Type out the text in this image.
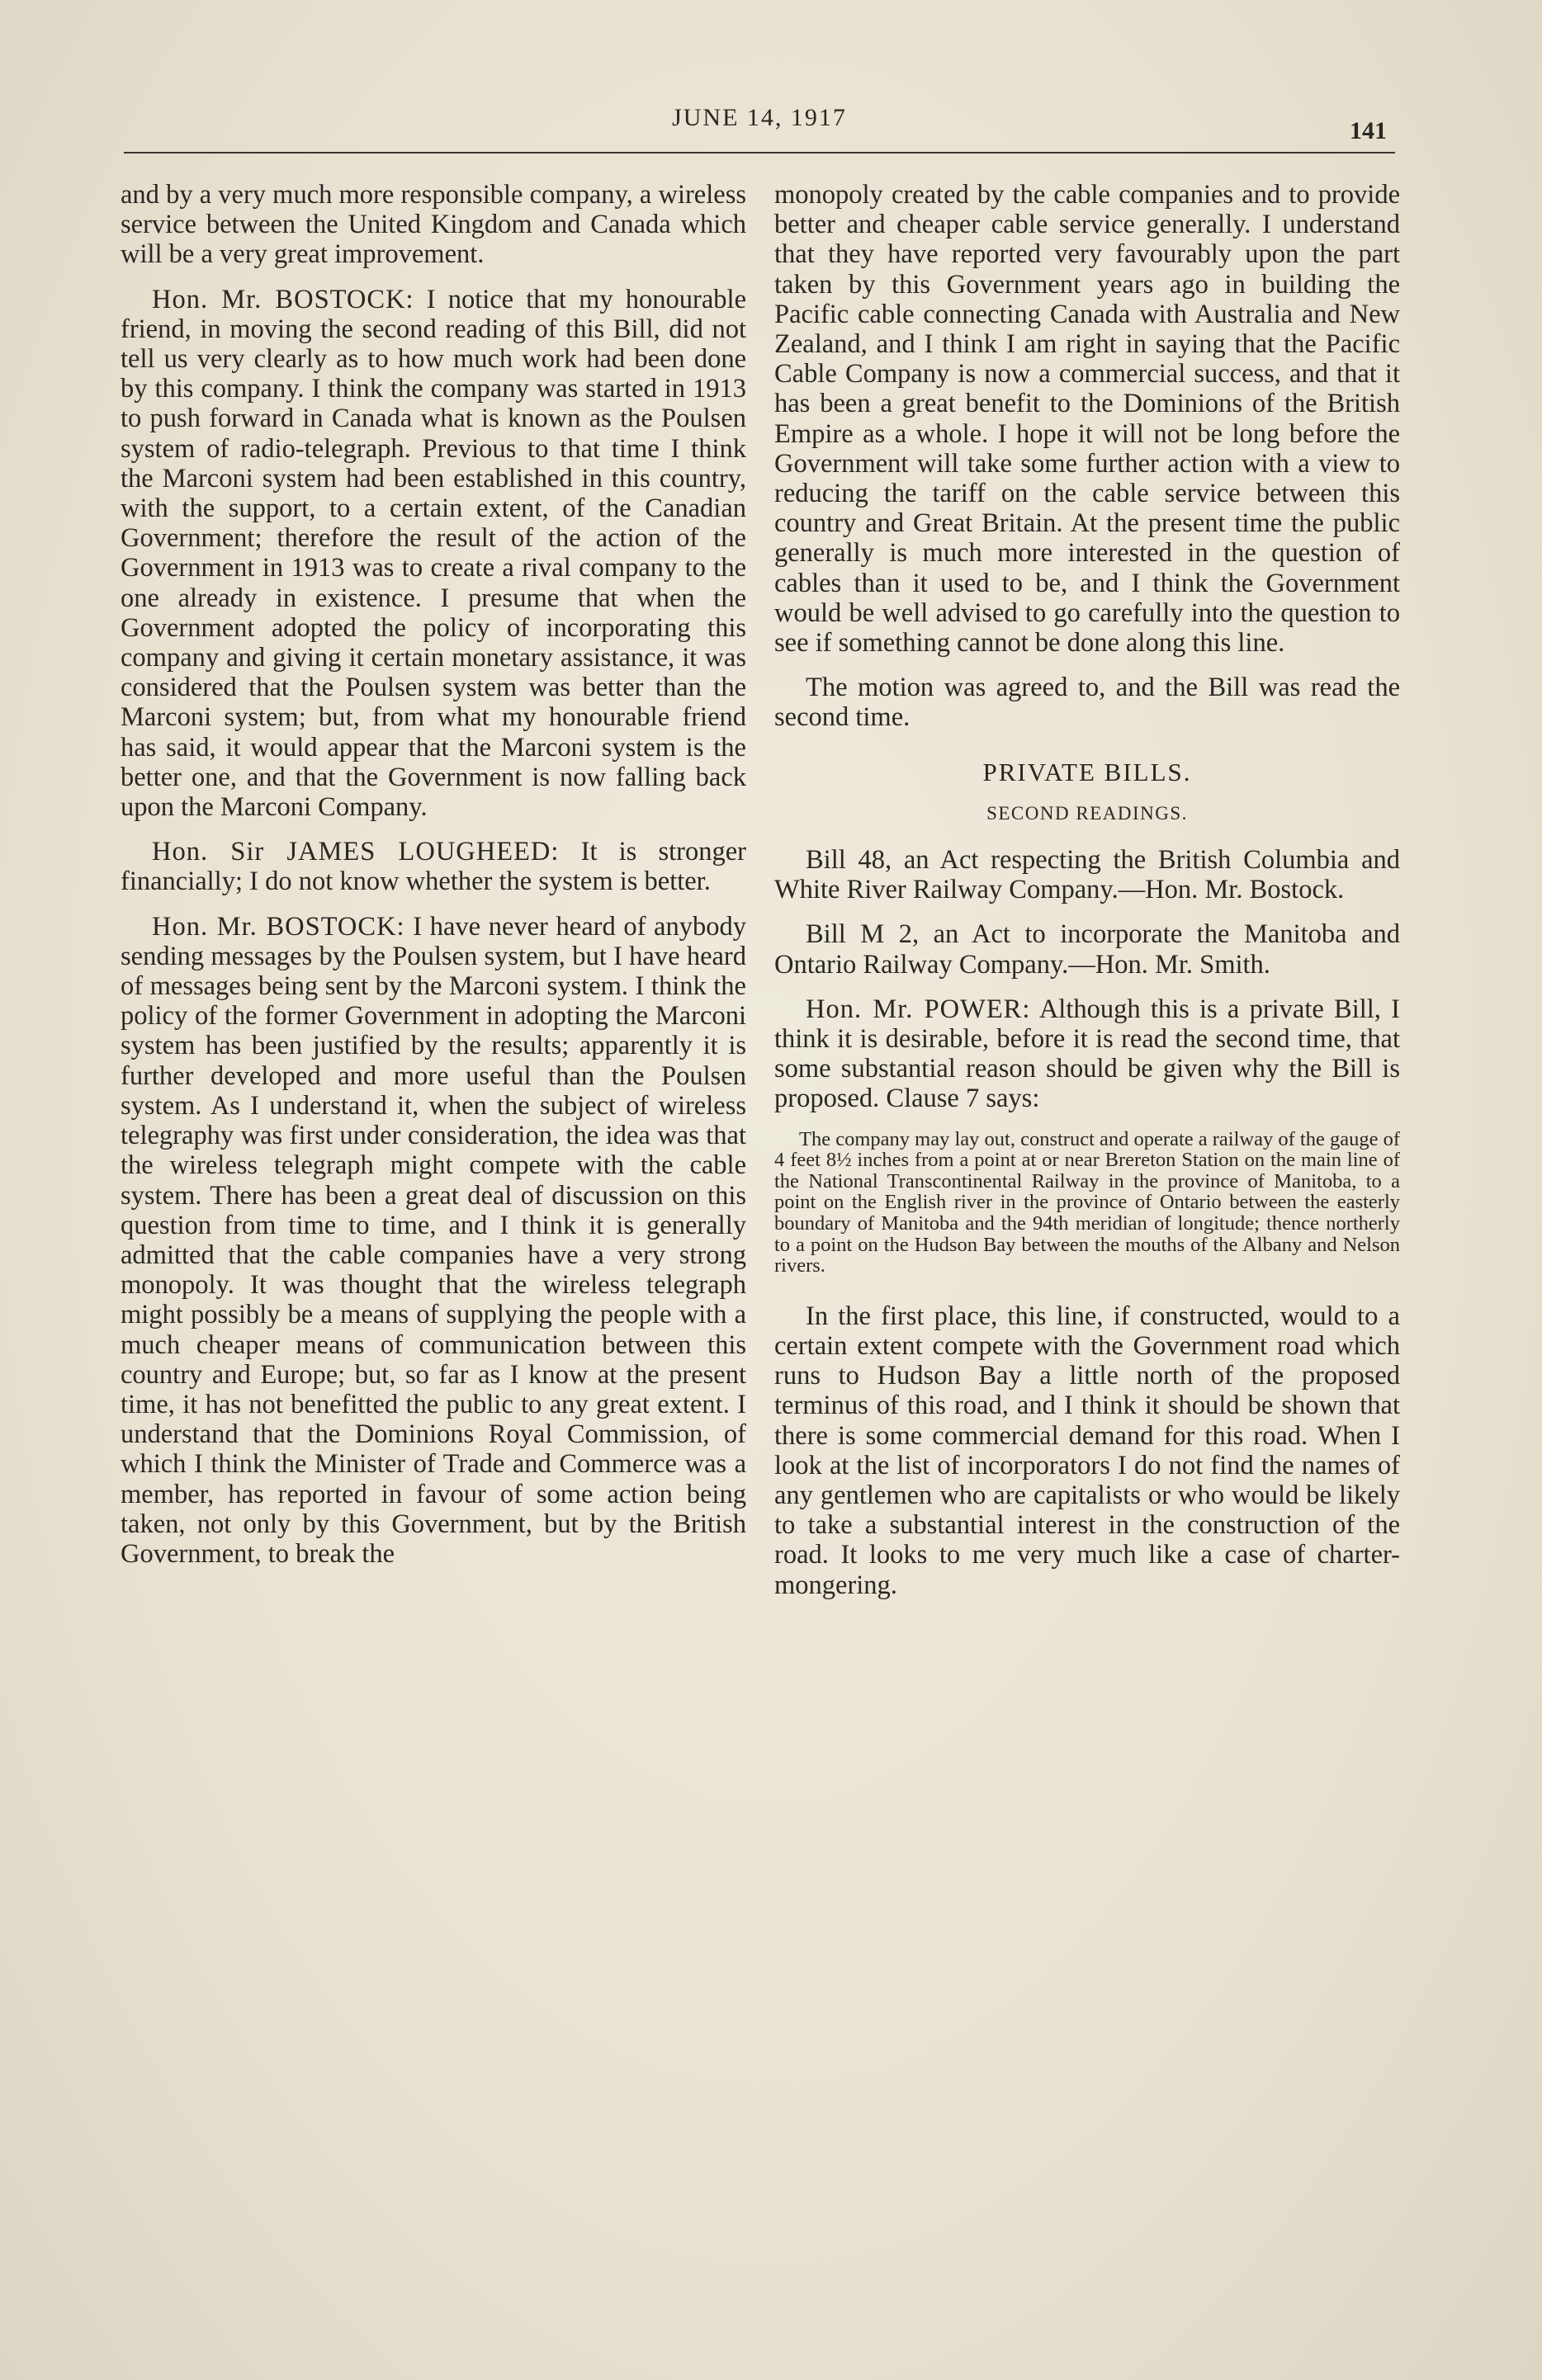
JUNE 14, 1917	141

and by a very much more responsible company, a wireless service between the United Kingdom and Canada which will be a very great improvement.

Hon. Mr. BOSTOCK: I notice that my honourable friend, in moving the second reading of this Bill, did not tell us very clearly as to how much work had been done by this company. I think the company was started in 1913 to push forward in Canada what is known as the Poulsen system of radio-telegraph. Previous to that time I think the Marconi system had been established in this country, with the support, to a certain extent, of the Canadian Government; therefore the result of the action of the Government in 1913 was to create a rival company to the one already in existence. I presume that when the Government adopted the policy of incorporating this company and giving it certain monetary assistance, it was considered that the Poulsen system was better than the Marconi system; but, from what my honourable friend has said, it would appear that the Marconi system is the better one, and that the Government is now falling back upon the Marconi Company.

Hon. Sir JAMES LOUGHEED: It is stronger financially; I do not know whether the system is better.

Hon. Mr. BOSTOCK: I have never heard of anybody sending messages by the Poulsen system, but I have heard of messages being sent by the Marconi system. I think the policy of the former Government in adopting the Marconi system has been justified by the results; apparently it is further developed and more useful than the Poulsen system. As I understand it, when the subject of wireless telegraphy was first under consideration, the idea was that the wireless telegraph might compete with the cable system. There has been a great deal of discussion on this question from time to time, and I think it is generally admitted that the cable companies have a very strong monopoly. It was thought that the wireless telegraph might possibly be a means of supplying the people with a much cheaper means of communication between this country and Europe; but, so far as I know at the present time, it has not benefitted the public to any great extent. I understand that the Dominions Royal Commission, of which I think the Minister of Trade and Commerce was a member, has reported in favour of some action being taken, not only by this Government, but by the British Government, to break the

monopoly created by the cable companies and to provide better and cheaper cable service generally. I understand that they have reported very favourably upon the part taken by this Government years ago in building the Pacific cable connecting Canada with Australia and New Zealand, and I think I am right in saying that the Pacific Cable Company is now a commercial success, and that it has been a great benefit to the Dominions of the British Empire as a whole. I hope it will not be long before the Government will take some further action with a view to reducing the tariff on the cable service between this country and Great Britain. At the present time the public generally is much more interested in the question of cables than it used to be, and I think the Government would be well advised to go carefully into the question to see if something cannot be done along this line.

The motion was agreed to, and the Bill was read the second time.

PRIVATE BILLS.
SECOND READINGS.

Bill 48, an Act respecting the British Columbia and White River Railway Company.—Hon. Mr. Bostock.

Bill M 2, an Act to incorporate the Manitoba and Ontario Railway Company.—Hon. Mr. Smith.

Hon. Mr. POWER: Although this is a private Bill, I think it is desirable, before it is read the second time, that some substantial reason should be given why the Bill is proposed. Clause 7 says:

The company may lay out, construct and operate a railway of the gauge of 4 feet 8½ inches from a point at or near Brereton Station on the main line of the National Transcontinental Railway in the province of Manitoba, to a point on the English river in the province of Ontario between the easterly boundary of Manitoba and the 94th meridian of longitude; thence northerly to a point on the Hudson Bay between the mouths of the Albany and Nelson rivers.

In the first place, this line, if constructed, would to a certain extent compete with the Government road which runs to Hudson Bay a little north of the proposed terminus of this road, and I think it should be shown that there is some commercial demand for this road. When I look at the list of incorporators I do not find the names of any gentlemen who are capitalists or who would be likely to take a substantial interest in the construction of the road. It looks to me very much like a case of charter-mongering.
